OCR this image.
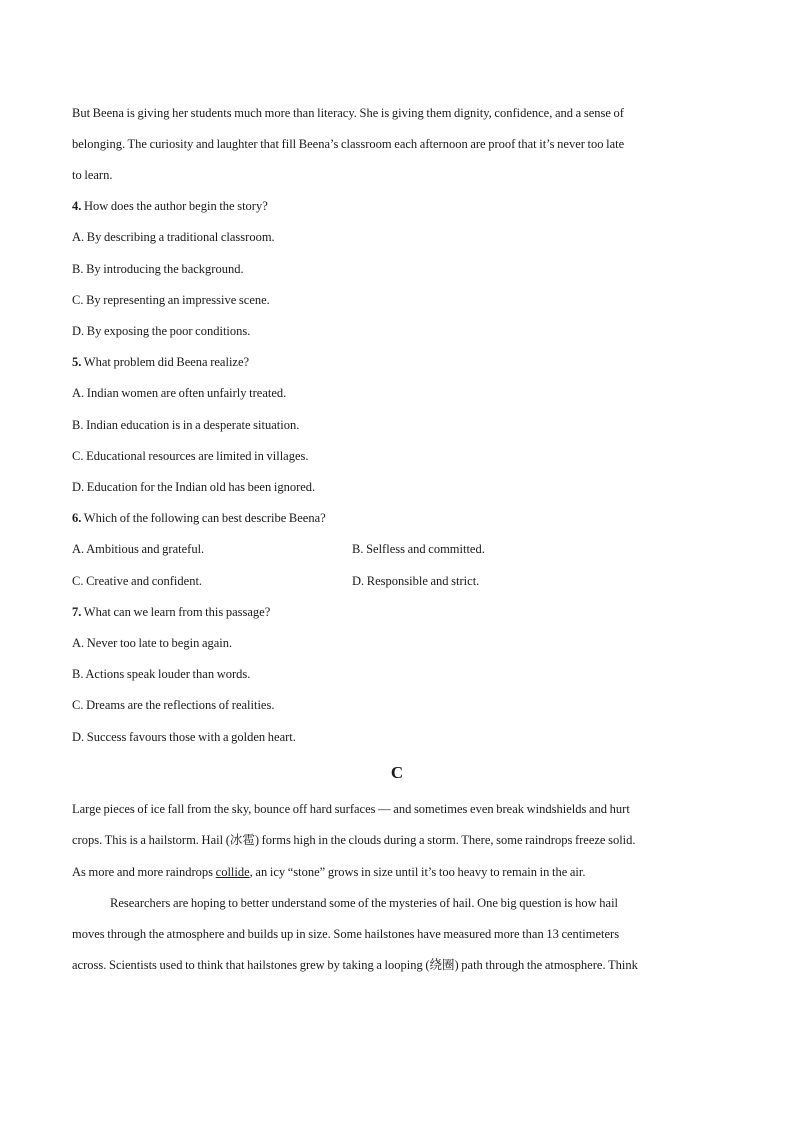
But Beena is giving her students much more than literacy. She is giving them dignity, confidence, and a sense of
belonging. The curiosity and laughter that fill Beena’s classroom each afternoon are proof that it’s never too late
to learn.
4. How does the author begin the story?
A. By describing a traditional classroom.
B. By introducing the background.
C. By representing an impressive scene.
D. By exposing the poor conditions.
5. What problem did Beena realize?
A. Indian women are often unfairly treated.
B. Indian education is in a desperate situation.
C. Educational resources are limited in villages.
D. Education for the Indian old has been ignored.
6. Which of the following can best describe Beena?
A. Ambitious and grateful.	B. Selfless and committed.
C. Creative and confident.	D. Responsible and strict.
7. What can we learn from this passage?
A. Never too late to begin again.
B. Actions speak louder than words.
C. Dreams are the reflections of realities.
D. Success favours those with a golden heart.
C
Large pieces of ice fall from the sky, bounce off hard surfaces — and sometimes even break windshields and hurt
crops. This is a hailstorm. Hail (冰雹) forms high in the clouds during a storm. There, some raindrops freeze solid.
As more and more raindrops collide, an icy “stone” grows in size until it’s too heavy to remain in the air.
Researchers are hoping to better understand some of the mysteries of hail. One big question is how hail
moves through the atmosphere and builds up in size. Some hailstones have measured more than 13 centimeters
across. Scientists used to think that hailstones grew by taking a looping (绕圈) path through the atmosphere. Think
